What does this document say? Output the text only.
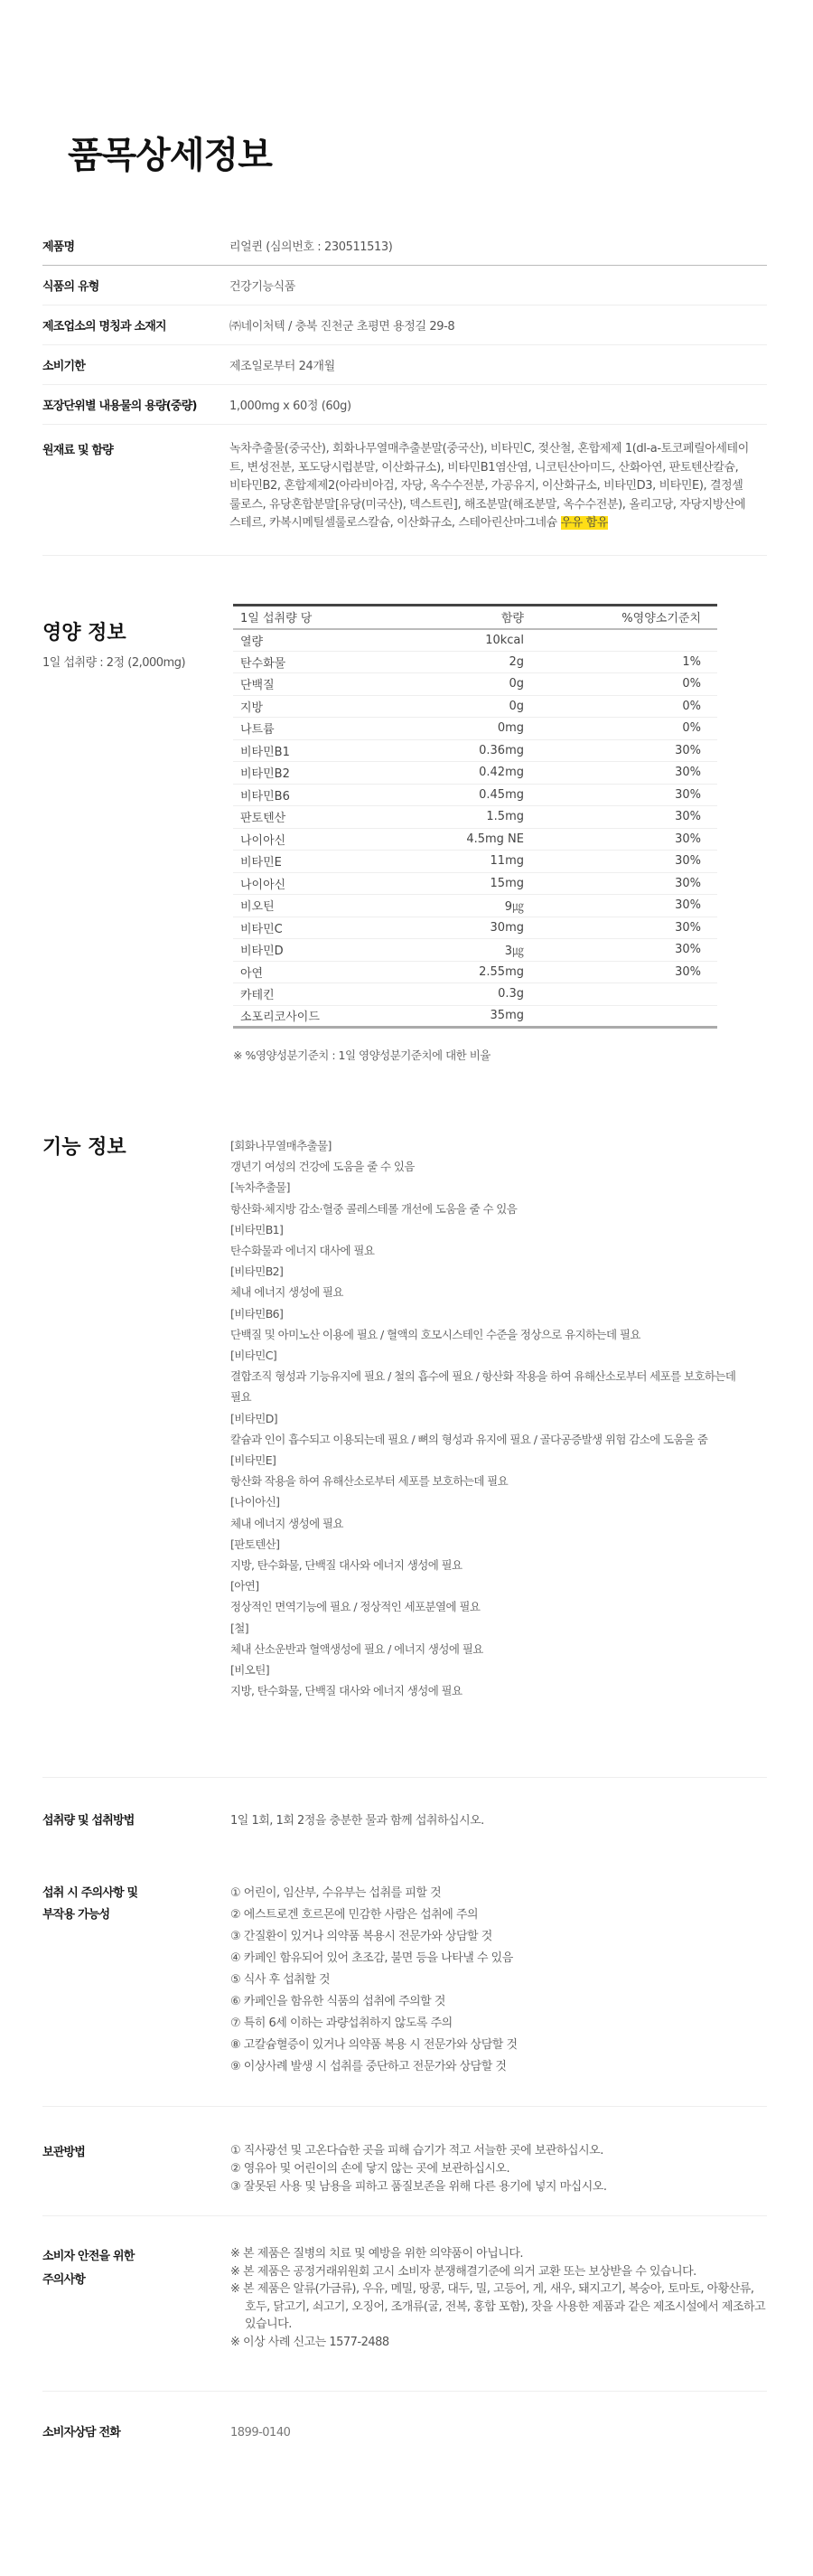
품목상세정보
제품명	리얼퀸 (심의번호 : 230511513)
식품의 유형	건강기능식품
제조업소의 명칭과 소재지	㈜네이처텍 / 충북 진천군 초평면 용정길 29-8
소비기한	제조일로부터 24개월
포장단위별 내용물의 용량(중량)	1,000mg x 60정 (60g)
원재료 및 함량	녹차추출물(중국산), 회화나무열매추출분말(중국산), 비타민C, 젖산철, 혼합제제 1(dl-a-토코페릴아세테이트, 변성전분, 포도당시럽분말, 이산화규소), 비타민B1염산염, 니코틴산아미드, 산화아연, 판토텐산칼슘, 비타민B2, 혼합제제2(아라비아검, 자당, 옥수수전분, 가공유지, 이산화규소, 비타민D3, 비타민E), 결정셀룰로스, 유당혼합분말[유당(미국산), 덱스트린], 해조분말(해조분말, 옥수수전분), 올리고당, 자당지방산에스테르, 카복시메틸셀룰로스칼슘, 이산화규소, 스테아린산마그네슘 우유 함유
영양 정보
1일 섭취량 : 2정 (2,000mg)
1일 섭취량 당	함량	%영양소기준치
열량	10kcal	
탄수화물	2g	1%
단백질	0g	0%
지방	0g	0%
나트륨	0mg	0%
비타민B1	0.36mg	30%
비타민B2	0.42mg	30%
비타민B6	0.45mg	30%
판토텐산	1.5mg	30%
나이아신	4.5mg NE	30%
비타민E	11mg	30%
나이아신	15mg	30%
비오틴	9㎍	30%
비타민C	30mg	30%
비타민D	3㎍	30%
아연	2.55mg	30%
카테킨	0.3g	
소포리코사이드	35mg	
※ %영양성분기준치 : 1일 영양성분기준치에 대한 비율
기능 정보	[회화나무열매추출물]
갱년기 여성의 건강에 도움을 줄 수 있음
[녹차추출물]
항산화·체지방 감소·혈중 콜레스테롤 개선에 도움을 줄 수 있음
[비타민B1]
탄수화물과 에너지 대사에 필요
[비타민B2]
체내 에너지 생성에 필요
[비타민B6]
단백질 및 아미노산 이용에 필요 / 혈액의 호모시스테인 수준을 정상으로 유지하는데 필요
[비타민C]
결합조직 형성과 기능유지에 필요 / 철의 흡수에 필요 / 항산화 작용을 하여 유해산소로부터 세포를 보호하는데 필요
[비타민D]
칼슘과 인이 흡수되고 이용되는데 필요 / 뼈의 형성과 유지에 필요 / 골다공증발생 위험 감소에 도움을 줌
[비타민E]
항산화 작용을 하여 유해산소로부터 세포를 보호하는데 필요
[나이아신]
체내 에너지 생성에 필요
[판토텐산]
지방, 탄수화물, 단백질 대사와 에너지 생성에 필요
[아연]
정상적인 면역기능에 필요 / 정상적인 세포분열에 필요
[철]
체내 산소운반과 혈액생성에 필요 / 에너지 생성에 필요
[비오틴]
지방, 탄수화물, 단백질 대사와 에너지 생성에 필요
섭취량 및 섭취방법	1일 1회, 1회 2정을 충분한 물과 함께 섭취하십시오.
섭취 시 주의사항 및
부작용 가능성
① 어린이, 임산부, 수유부는 섭취를 피할 것
② 에스트로겐 호르몬에 민감한 사람은 섭취에 주의
③ 간질환이 있거나 의약품 복용시 전문가와 상담할 것
④ 카페인 함유되어 있어 초조감, 불면 등을 나타낼 수 있음
⑤ 식사 후 섭취할 것
⑥ 카페인을 함유한 식품의 섭취에 주의할 것
⑦ 특히 6세 이하는 과량섭취하지 않도록 주의
⑧ 고칼슘혈증이 있거나 의약품 복용 시 전문가와 상담할 것
⑨ 이상사례 발생 시 섭취를 중단하고 전문가와 상담할 것
보관방법	① 직사광선 및 고온다습한 곳을 피해 습기가 적고 서늘한 곳에 보관하십시오.
② 영유아 및 어린이의 손에 닿지 않는 곳에 보관하십시오.
③ 잘못된 사용 및 남용을 피하고 품질보존을 위해 다른 용기에 넣지 마십시오.
소비자 안전을 위한
주의사항
※ 본 제품은 질병의 치료 및 예방을 위한 의약품이 아닙니다.
※ 본 제품은 공정거래위원회 고시 소비자 분쟁해결기준에 의거 교환 또는 보상받을 수 있습니다.
※ 본 제품은 알류(가금류), 우유, 메밀, 땅콩, 대두, 밀, 고등어, 게, 새우, 돼지고기, 복숭아, 토마토, 아황산류, 호두, 닭고기, 쇠고기, 오징어, 조개류(굴, 전복, 홍합 포함), 잣을 사용한 제품과 같은 제조시설에서 제조하고 있습니다.
※ 이상 사례 신고는 1577-2488
소비자상담 전화	1899-0140
